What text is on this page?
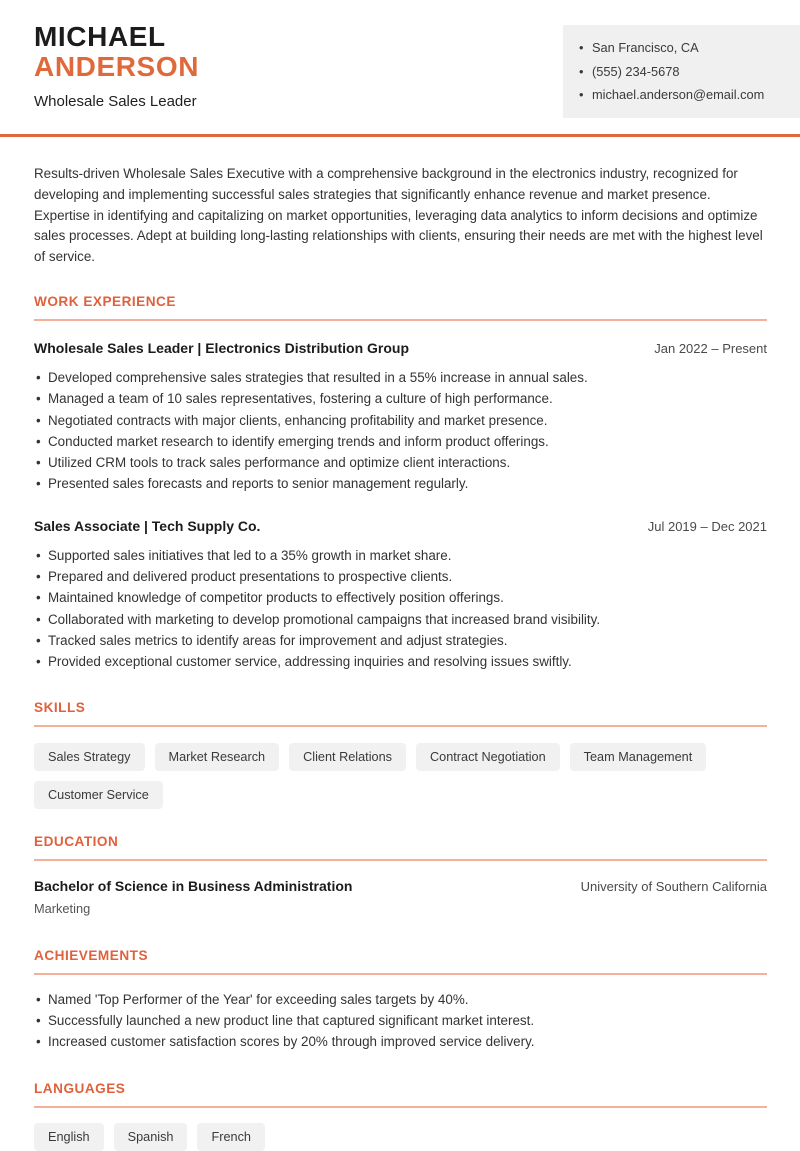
MICHAEL
ANDERSON
Wholesale Sales Leader
• San Francisco, CA
• (555) 234-5678
• michael.anderson@email.com

Results-driven Wholesale Sales Executive with a comprehensive background in the electronics industry, recognized for developing and implementing successful sales strategies that significantly enhance revenue and market presence. Expertise in identifying and capitalizing on market opportunities, leveraging data analytics to inform decisions and optimize sales processes. Adept at building long-lasting relationships with clients, ensuring their needs are met with the highest level of service.

WORK EXPERIENCE
Wholesale Sales Leader | Electronics Distribution Group	Jan 2022 – Present
• Developed comprehensive sales strategies that resulted in a 55% increase in annual sales.
• Managed a team of 10 sales representatives, fostering a culture of high performance.
• Negotiated contracts with major clients, enhancing profitability and market presence.
• Conducted market research to identify emerging trends and inform product offerings.
• Utilized CRM tools to track sales performance and optimize client interactions.
• Presented sales forecasts and reports to senior management regularly.
Sales Associate | Tech Supply Co.	Jul 2019 – Dec 2021
• Supported sales initiatives that led to a 35% growth in market share.
• Prepared and delivered product presentations to prospective clients.
• Maintained knowledge of competitor products to effectively position offerings.
• Collaborated with marketing to develop promotional campaigns that increased brand visibility.
• Tracked sales metrics to identify areas for improvement and adjust strategies.
• Provided exceptional customer service, addressing inquiries and resolving issues swiftly.
SKILLS
Sales Strategy	Market Research	Client Relations	Contract Negotiation	Team Management
Customer Service
EDUCATION
Bachelor of Science in Business Administration	University of Southern California
Marketing
ACHIEVEMENTS
• Named 'Top Performer of the Year' for exceeding sales targets by 40%.
• Successfully launched a new product line that captured significant market interest.
• Increased customer satisfaction scores by 20% through improved service delivery.
LANGUAGES
English	Spanish	French
